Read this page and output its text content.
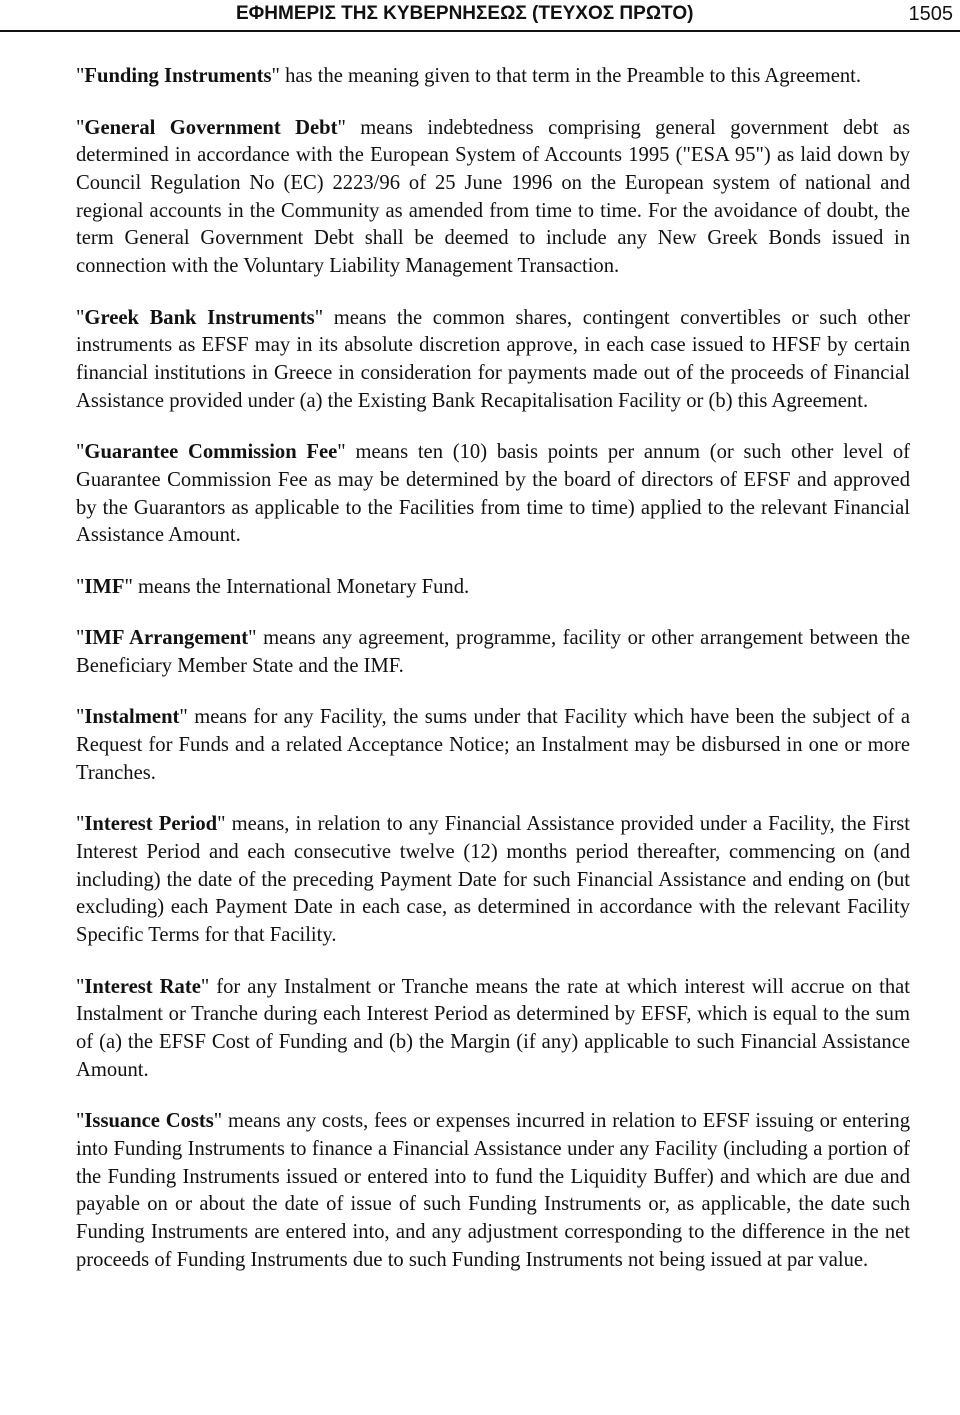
ΕΦΗΜΕΡΙΣ ΤΗΣ ΚΥΒΕΡΝΗΣΕΩΣ (ΤΕΥΧΟΣ ΠΡΩΤΟ)	1505

"Funding Instruments" has the meaning given to that term in the Preamble to this Agreement.

"General Government Debt" means indebtedness comprising general government debt as determined in accordance with the European System of Accounts 1995 ("ESA 95") as laid down by Council Regulation No (EC) 2223/96 of 25 June 1996 on the European system of national and regional accounts in the Community as amended from time to time. For the avoidance of doubt, the term General Government Debt shall be deemed to include any New Greek Bonds issued in connection with the Voluntary Liability Management Transaction.

"Greek Bank Instruments" means the common shares, contingent convertibles or such other instruments as EFSF may in its absolute discretion approve, in each case issued to HFSF by certain financial institutions in Greece in consideration for payments made out of the proceeds of Financial Assistance provided under (a) the Existing Bank Recapitalisation Facility or (b) this Agreement.

"Guarantee Commission Fee" means ten (10) basis points per annum (or such other level of Guarantee Commission Fee as may be determined by the board of directors of EFSF and approved by the Guarantors as applicable to the Facilities from time to time) applied to the relevant Financial Assistance Amount.

"IMF" means the International Monetary Fund.

"IMF Arrangement" means any agreement, programme, facility or other arrangement between the Beneficiary Member State and the IMF.

"Instalment" means for any Facility, the sums under that Facility which have been the subject of a Request for Funds and a related Acceptance Notice; an Instalment may be disbursed in one or more Tranches.

"Interest Period" means, in relation to any Financial Assistance provided under a Facility, the First Interest Period and each consecutive twelve (12) months period thereafter, commencing on (and including) the date of the preceding Payment Date for such Financial Assistance and ending on (but excluding) each Payment Date in each case, as determined in accordance with the relevant Facility Specific Terms for that Facility.

"Interest Rate" for any Instalment or Tranche means the rate at which interest will accrue on that Instalment or Tranche during each Interest Period as determined by EFSF, which is equal to the sum of (a) the EFSF Cost of Funding and (b) the Margin (if any) applicable to such Financial Assistance Amount.

"Issuance Costs" means any costs, fees or expenses incurred in relation to EFSF issuing or entering into Funding Instruments to finance a Financial Assistance under any Facility (including a portion of the Funding Instruments issued or entered into to fund the Liquidity Buffer) and which are due and payable on or about the date of issue of such Funding Instruments or, as applicable, the date such Funding Instruments are entered into, and any adjustment corresponding to the difference in the net proceeds of Funding Instruments due to such Funding Instruments not being issued at par value.
